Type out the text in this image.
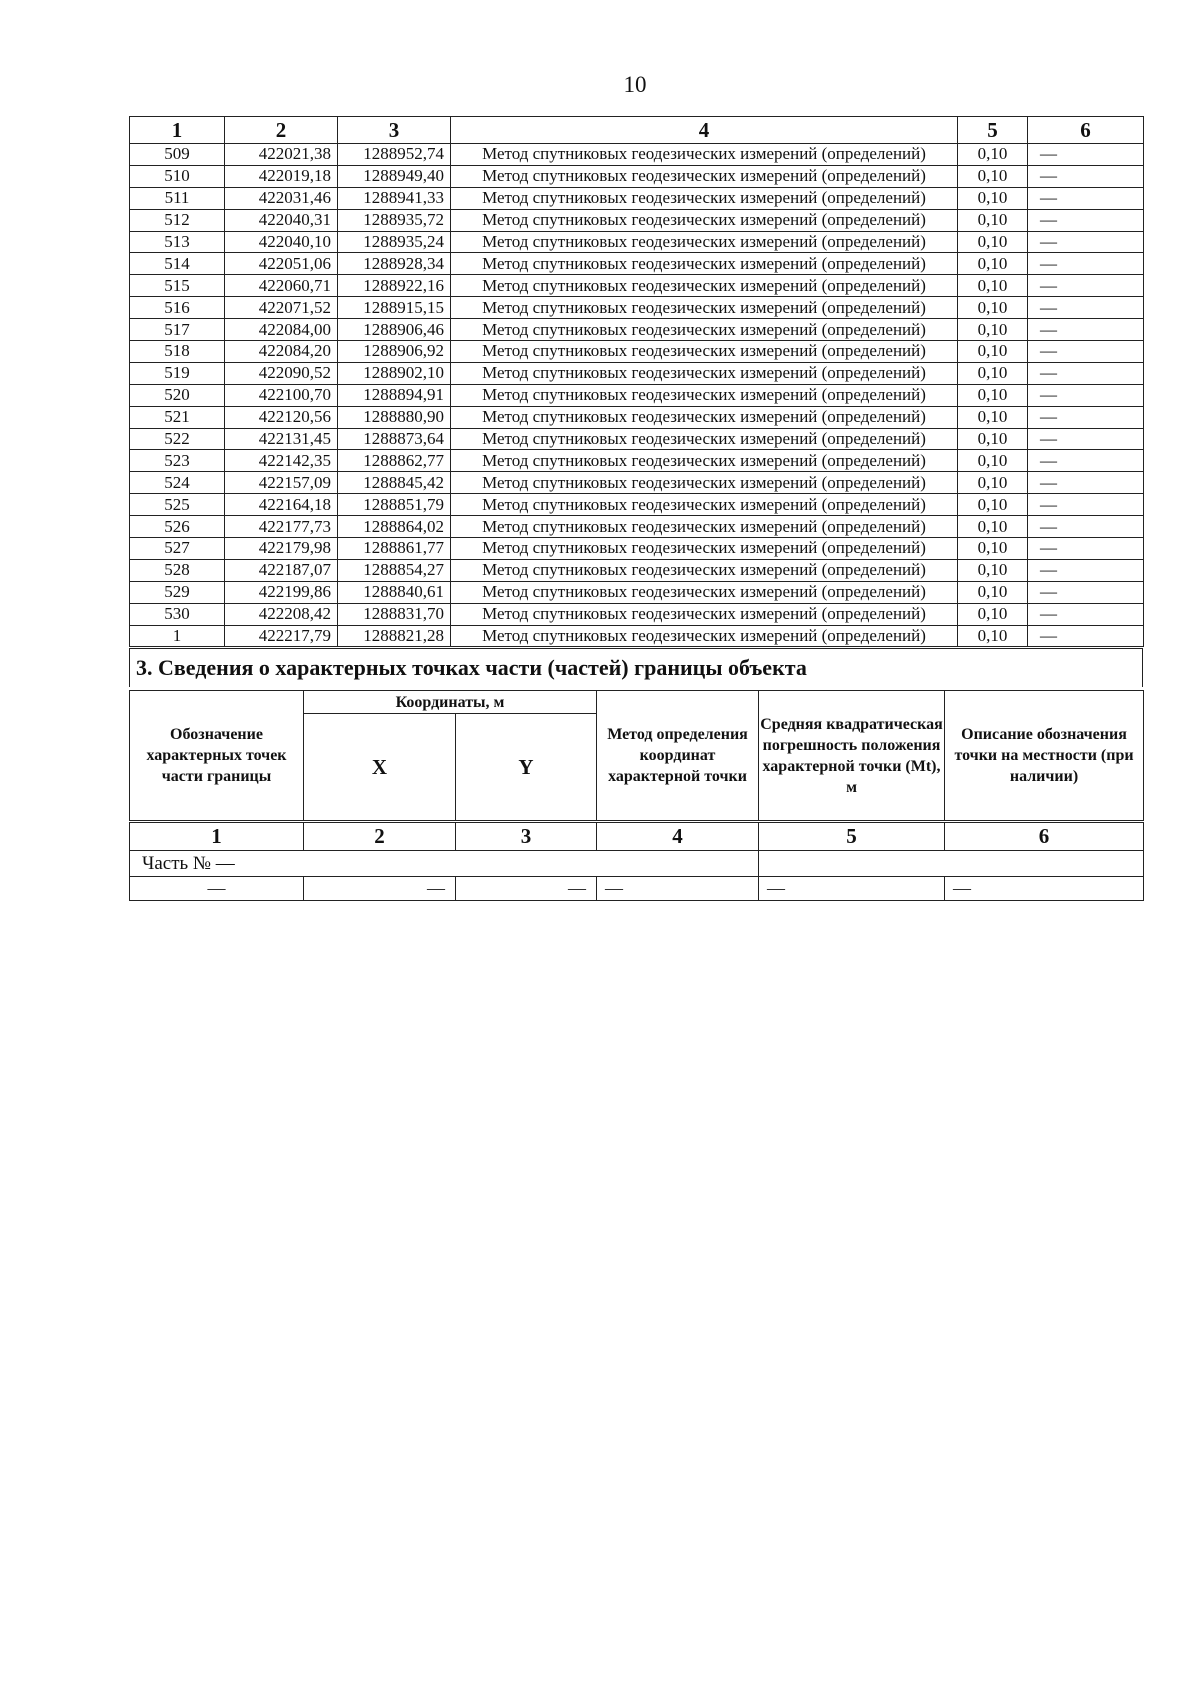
10
1	2	3	4	5	6
509	422021,38	1288952,74	Метод спутниковых геодезических измерений (определений)	0,10	—
510	422019,18	1288949,40	Метод спутниковых геодезических измерений (определений)	0,10	—
511	422031,46	1288941,33	Метод спутниковых геодезических измерений (определений)	0,10	—
512	422040,31	1288935,72	Метод спутниковых геодезических измерений (определений)	0,10	—
513	422040,10	1288935,24	Метод спутниковых геодезических измерений (определений)	0,10	—
514	422051,06	1288928,34	Метод спутниковых геодезических измерений (определений)	0,10	—
515	422060,71	1288922,16	Метод спутниковых геодезических измерений (определений)	0,10	—
516	422071,52	1288915,15	Метод спутниковых геодезических измерений (определений)	0,10	—
517	422084,00	1288906,46	Метод спутниковых геодезических измерений (определений)	0,10	—
518	422084,20	1288906,92	Метод спутниковых геодезических измерений (определений)	0,10	—
519	422090,52	1288902,10	Метод спутниковых геодезических измерений (определений)	0,10	—
520	422100,70	1288894,91	Метод спутниковых геодезических измерений (определений)	0,10	—
521	422120,56	1288880,90	Метод спутниковых геодезических измерений (определений)	0,10	—
522	422131,45	1288873,64	Метод спутниковых геодезических измерений (определений)	0,10	—
523	422142,35	1288862,77	Метод спутниковых геодезических измерений (определений)	0,10	—
524	422157,09	1288845,42	Метод спутниковых геодезических измерений (определений)	0,10	—
525	422164,18	1288851,79	Метод спутниковых геодезических измерений (определений)	0,10	—
526	422177,73	1288864,02	Метод спутниковых геодезических измерений (определений)	0,10	—
527	422179,98	1288861,77	Метод спутниковых геодезических измерений (определений)	0,10	—
528	422187,07	1288854,27	Метод спутниковых геодезических измерений (определений)	0,10	—
529	422199,86	1288840,61	Метод спутниковых геодезических измерений (определений)	0,10	—
530	422208,42	1288831,70	Метод спутниковых геодезических измерений (определений)	0,10	—
1	422217,79	1288821,28	Метод спутниковых геодезических измерений (определений)	0,10	—
3. Сведения о характерных точках части (частей) границы объекта
Обозначение характерных точек части границы	Координаты, м		Метод определения координат характерной точки	Средняя квадратическая погрешность положения характерной точки (Mt), м	Описание обозначения точки на местности (при наличии)
	X	Y			
1	2	3	4	5	6
Часть № —					
—	—	—	—	—	—
